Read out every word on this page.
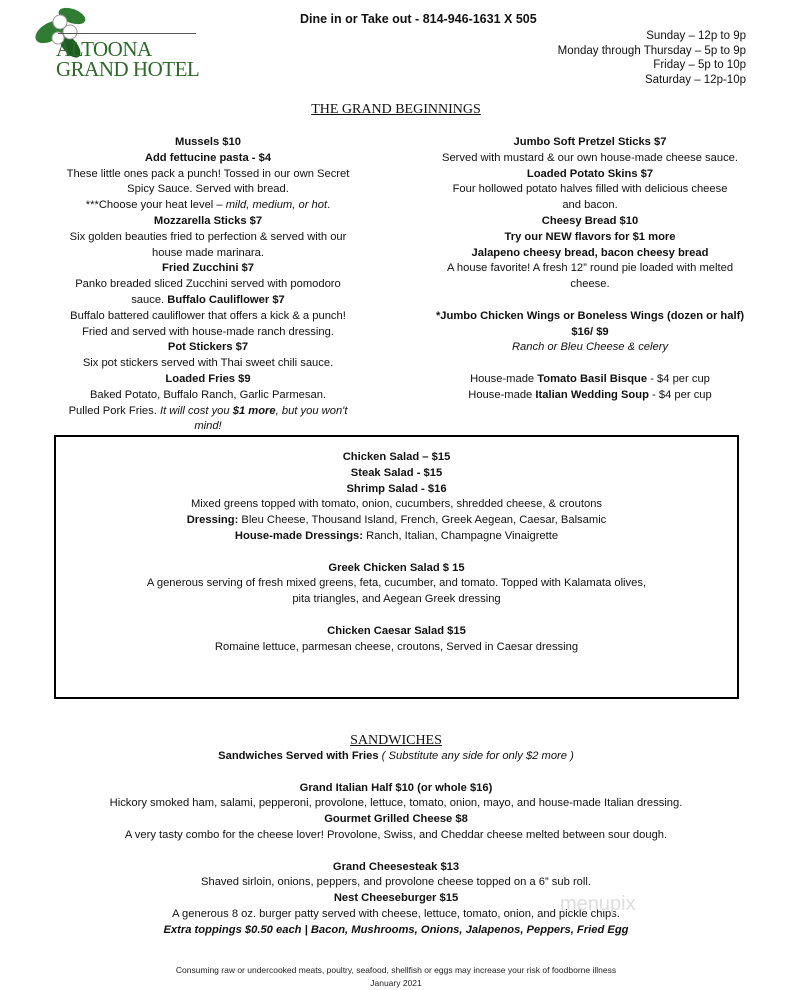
ALTOONA
GRAND HOTEL
Dine in or Take out - 814-946-1631 X 505
Sunday – 12p to 9p
Monday through Thursday – 5p to 9p
Friday – 5p to 10p
Saturday – 12p-10p
THE GRAND BEGINNINGS
Mussels $10
Add fettucine pasta - $4
These little ones pack a punch! Tossed in our own Secret
Spicy Sauce. Served with bread.
***Choose your heat level – mild, medium, or hot.
Mozzarella Sticks $7
Six golden beauties fried to perfection & served with our
house made marinara.
Fried Zucchini $7
Panko breaded sliced Zucchini served with pomodoro
sauce. Buffalo Cauliflower $7
Buffalo battered cauliflower that offers a kick & a punch!
Fried and served with house-made ranch dressing.
Pot Stickers $7
Six pot stickers served with Thai sweet chili sauce.
Loaded Fries $9
Baked Potato, Buffalo Ranch, Garlic Parmesan.
Pulled Pork Fries. It will cost you $1 more, but you won't
mind!
Jumbo Soft Pretzel Sticks $7
Served with mustard & our own house-made cheese sauce.
Loaded Potato Skins $7
Four hollowed potato halves filled with delicious cheese
and bacon.
Cheesy Bread $10
Try our NEW flavors for $1 more
Jalapeno cheesy bread, bacon cheesy bread
A house favorite! A fresh 12” round pie loaded with melted
cheese.
*Jumbo Chicken Wings or Boneless Wings (dozen or half)
$16/ $9
Ranch or Bleu Cheese & celery
House-made Tomato Basil Bisque - $4 per cup
House-made Italian Wedding Soup - $4 per cup
Chicken Salad – $15
Steak Salad - $15
Shrimp Salad - $16
Mixed greens topped with tomato, onion, cucumbers, shredded cheese, & croutons
Dressing: Bleu Cheese, Thousand Island, French, Greek Aegean, Caesar, Balsamic
House-made Dressings: Ranch, Italian, Champagne Vinaigrette
Greek Chicken Salad $ 15
A generous serving of fresh mixed greens, feta, cucumber, and tomato. Topped with Kalamata olives,
pita triangles, and Aegean Greek dressing
Chicken Caesar Salad $15
Romaine lettuce, parmesan cheese, croutons, Served in Caesar dressing
SANDWICHES
Sandwiches Served with Fries ( Substitute any side for only $2 more )
Grand Italian Half $10 (or whole $16)
Hickory smoked ham, salami, pepperoni, provolone, lettuce, tomato, onion, mayo, and house-made Italian dressing.
Gourmet Grilled Cheese $8
A very tasty combo for the cheese lover! Provolone, Swiss, and Cheddar cheese melted between sour dough.
Grand Cheesesteak $13
Shaved sirloin, onions, peppers, and provolone cheese topped on a 6” sub roll.
Nest Cheeseburger $15
A generous 8 oz. burger patty served with cheese, lettuce, tomato, onion, and pickle chips.
Extra toppings $0.50 each | Bacon, Mushrooms, Onions, Jalapenos, Peppers, Fried Egg
menupix
Consuming raw or undercooked meats, poultry, seafood, shellfish or eggs may increase your risk of foodborne illness
January 2021
